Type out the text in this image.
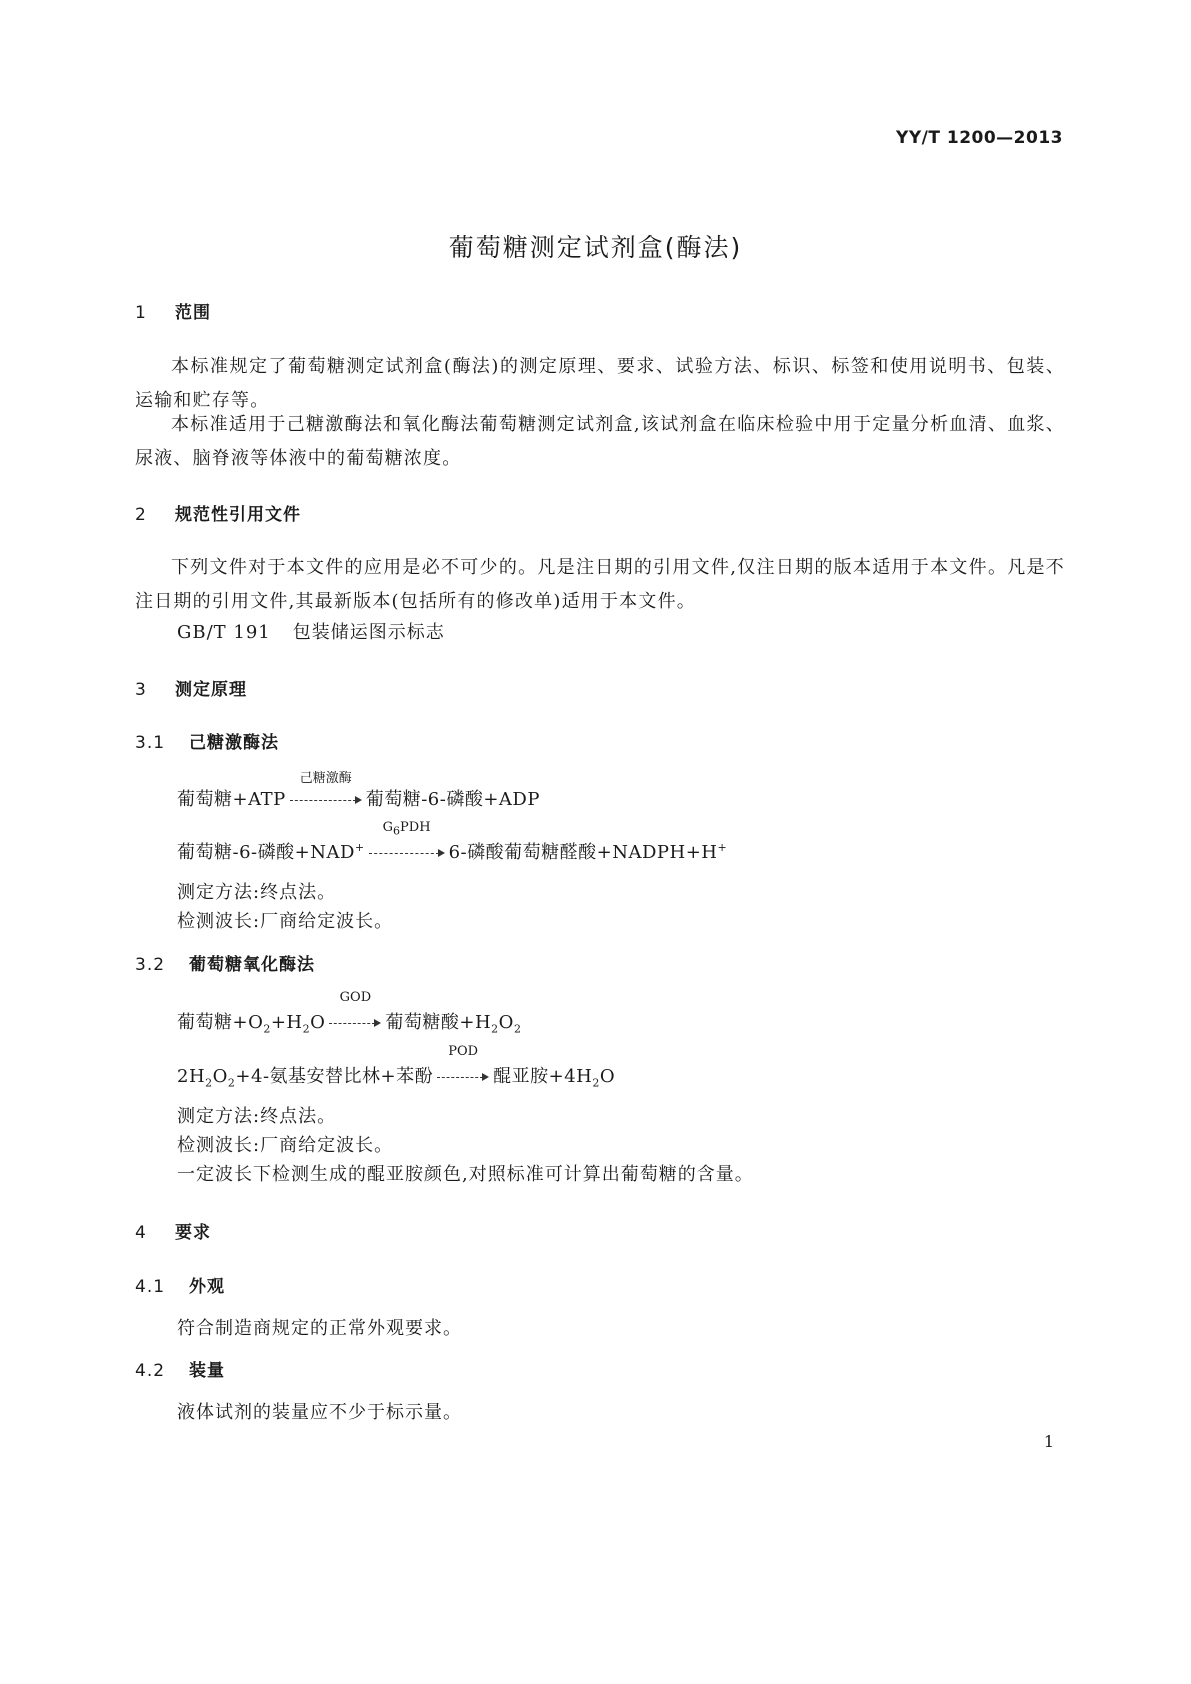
YY/T 1200—2013
葡萄糖测定试剂盒(酶法)
1 范围
本标准规定了葡萄糖测定试剂盒(酶法)的测定原理、要求、试验方法、标识、标签和使用说明书、包装、运输和贮存等。
本标准适用于己糖激酶法和氧化酶法葡萄糖测定试剂盒,该试剂盒在临床检验中用于定量分析血清、血浆、尿液、脑脊液等体液中的葡萄糖浓度。
2 规范性引用文件
下列文件对于本文件的应用是必不可少的。凡是注日期的引用文件,仅注日期的版本适用于本文件。凡是不注日期的引用文件,其最新版本(包括所有的修改单)适用于本文件。
GB/T 191 包装储运图示标志
3 测定原理
3.1 己糖激酶法
葡萄糖+ATP
己糖激酶
葡萄糖-6-磷酸+ADP
葡萄糖-6-磷酸+NAD+
$G_6PDH$
6-磷酸葡萄糖醛酸+NADPH+H+
测定方法:终点法。
检测波长:厂商给定波长。
3.2 葡萄糖氧化酶法
葡萄糖$+O_2+H_2O$
GOD
葡萄糖酸$+H_2O_2$
$2H_2O_2+4-$氨基安替比林+苯酚
POD
醌亚胺$+4H_2O$
测定方法:终点法。
检测波长:厂商给定波长。
一定波长下检测生成的醌亚胺颜色,对照标准可计算出葡萄糖的含量。
4 要求
4.1 外观
符合制造商规定的正常外观要求。
4.2 装量
液体试剂的装量应不少于标示量。
1
